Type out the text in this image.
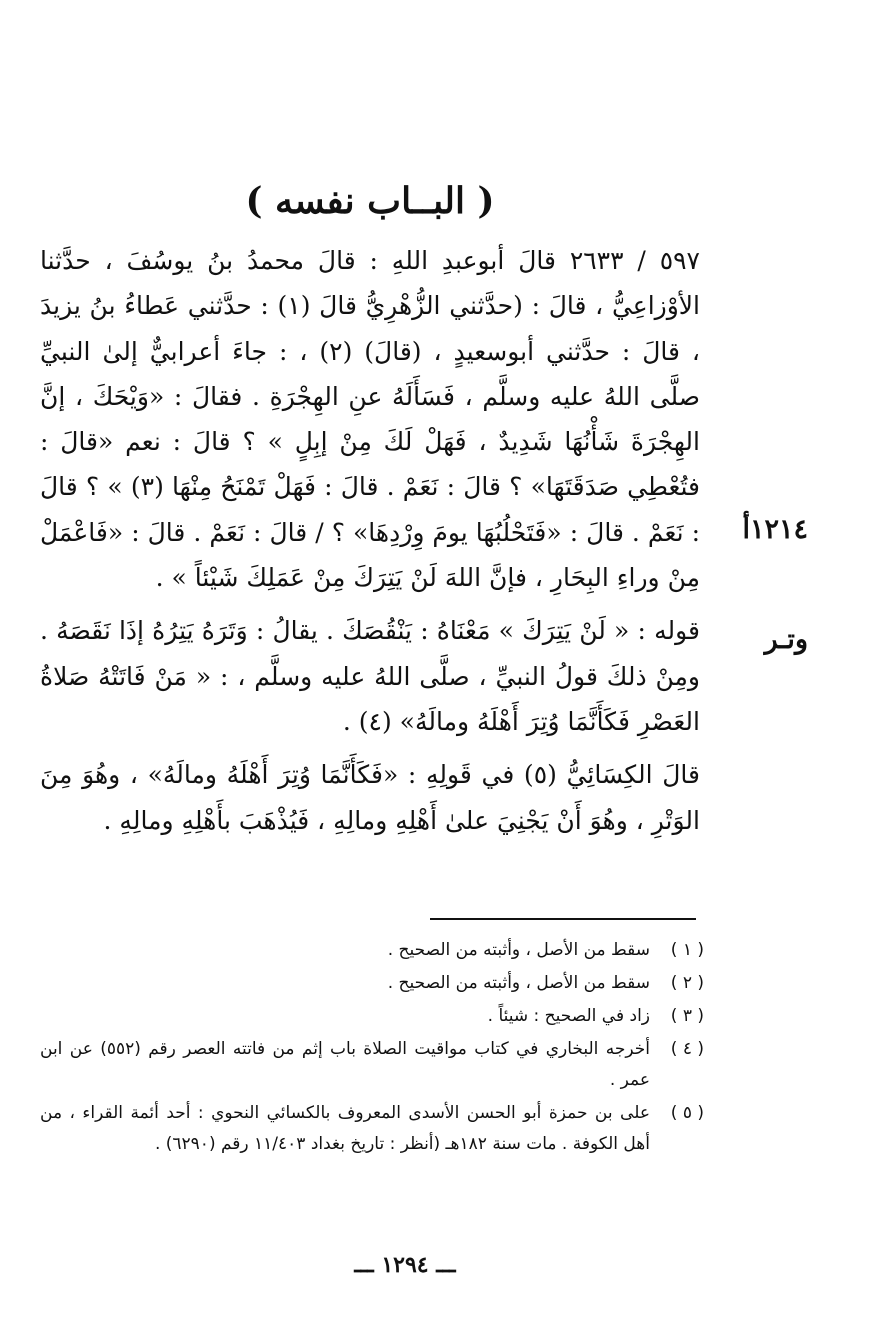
( البــاب نفسه )
١٢١٤أ
وتـر

٥٩٧ / ٢٦٣٣ قالَ أبوعبدِ اللهِ : قالَ محمدُ بنُ يوسُفَ ، حدَّثنا الأوْزاعِيُّ ، قالَ : (حدَّثني الزُّهْرِيُّ قالَ (١) : حدَّثني عَطاءُ بنُ يزيدَ ، قالَ : حدَّثني أبوسعيدٍ ، (قالَ) (٢) ، : جاءَ أعرابيٌّ إلىٰ النبيِّ صلَّى اللهُ عليه وسلَّم ، فَسَأَلَهُ عنِ الهِجْرَةِ . فقالَ : «وَيْحَكَ ، إنَّ الهِجْرَةَ شَأْنُهَا شَدِيدٌ ، فَهَلْ لَكَ مِنْ إبِلٍ » ؟ قالَ : نعم «قالَ : فتُعْطِي صَدَقَتَهَا» ؟ قالَ : نَعَمْ . قالَ : فَهَلْ تَمْنَحُ مِنْهَا (٣) » ؟ قالَ : نَعَمْ . قالَ : «فَتَحْلُبُهَا يومَ وِرْدِهَا» ؟ / قالَ : نَعَمْ . قالَ : «فَاعْمَلْ مِنْ وراءِ البِحَارِ ، فإنَّ اللهَ لَنْ يَتِرَكَ مِنْ عَمَلِكَ شَيْئاً » .

قوله : « لَنْ يَتِرَكَ » مَعْنَاهُ : يَنْقُصَكَ . يقالُ : وَتَرَهُ يَتِرُهُ إذَا نَقَصَهُ . ومِنْ ذلكَ قولُ النبيِّ ، صلَّى اللهُ عليه وسلَّم ، : « مَنْ فَاتَتْهُ صَلاةُ العَصْرِ فَكَأَنَّمَا وُتِرَ أَهْلَهُ ومالَهُ» (٤) .

قالَ الكِسَائِيُّ (٥) في قَولِهِ : «فَكَأَنَّمَا وُتِرَ أَهْلَهُ ومالَهُ» ، وهُوَ مِنَ الوَتْرِ ، وهُوَ أَنْ يَجْنِيَ علىٰ أَهْلِهِ ومالِهِ ، فَيُذْهَبَ بأَهْلِهِ ومالِهِ .

( ١ )
سقط من الأصل ، وأثبته من الصحيح .
( ٢ )
سقط من الأصل ، وأثبته من الصحيح .
( ٣ )
زاد في الصحيح : شيئاً .
( ٤ )
أخرجه البخاري في كتاب مواقيت الصلاة باب إثم من فاتته العصر رقم (٥٥٢) عن ابن عمر .
( ٥ )
على بن حمزة أبو الحسن الأسدى المعروف بالكسائي النحوي : أحد أئمة القراء ، من أهل الكوفة . مات سنة ١٨٢هـ (أنظر : تاريخ بغداد ١١/٤٠٣ رقم (٦٢٩٠) .
ـــ ١٢٩٤ ـــ
